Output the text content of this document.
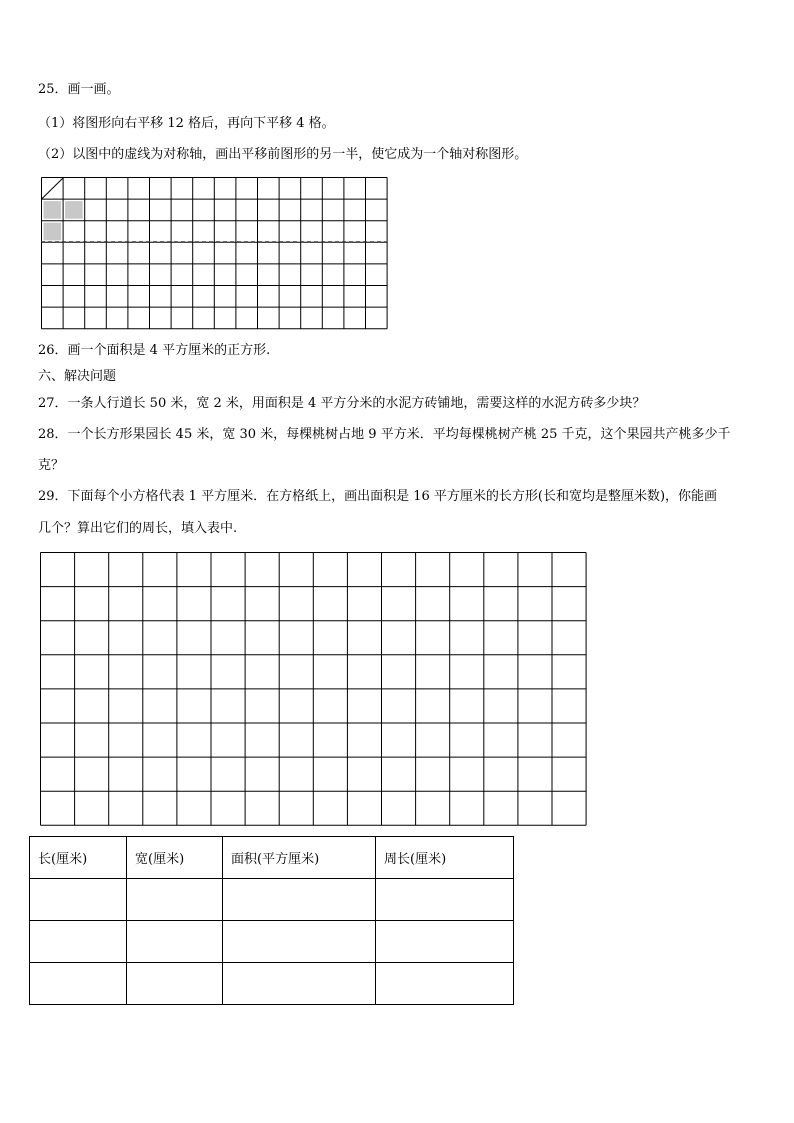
25．画一画。
（1）将图形向右平移 12 格后，再向下平移 4 格。
（2）以图中的虚线为对称轴，画出平移前图形的另一半，使它成为一个轴对称图形。
26．画一个面积是 4 平方厘米的正方形.
六、解决问题
27．一条人行道长 50 米，宽 2 米，用面积是 4 平方分米的水泥方砖铺地，需要这样的水泥方砖多少块？
28．一个长方形果园长 45 米，宽 30 米，每棵桃树占地 9 平方米．平均每棵桃树产桃 25 千克，这个果园共产桃多少千
克？
29．下面每个小方格代表 1 平方厘米．在方格纸上，画出面积是 16 平方厘米的长方形(长和宽均是整厘米数)，你能画
几个？算出它们的周长，填入表中.
长(厘米)	宽(厘米)	面积(平方厘米)	周长(厘米)
